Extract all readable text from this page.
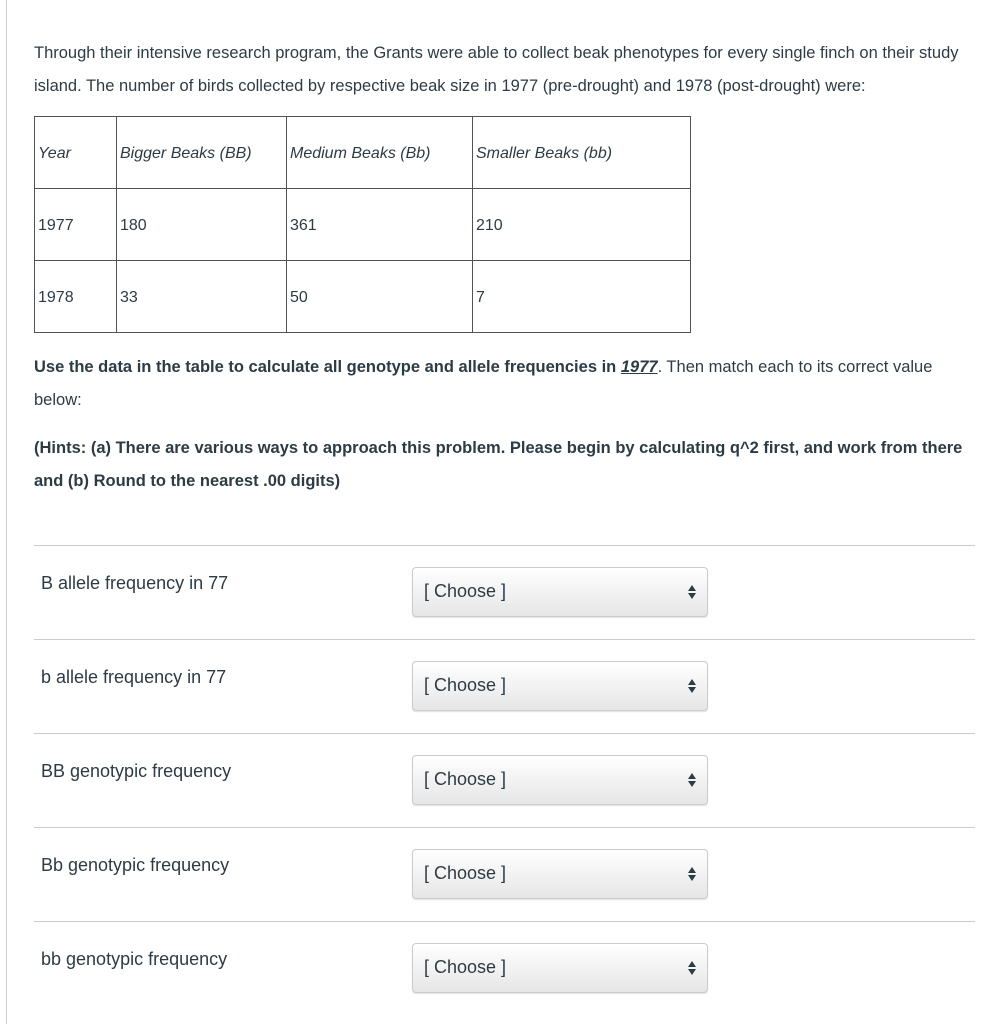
Through their intensive research program, the Grants were able to collect beak phenotypes for every single finch on their study island. The number of birds collected by respective beak size in 1977 (pre-drought) and 1978 (post-drought) were:

Year	Bigger Beaks (BB)	Medium Beaks (Bb)	Smaller Beaks (bb)
1977	180	361	210
1978	33	50	7

Use the data in the table to calculate all genotype and allele frequencies in 1977. Then match each to its correct value below:

(Hints: (a) There are various ways to approach this problem. Please begin by calculating q^2 first, and work from there and (b) Round to the nearest .00 digits)

B allele frequency in 77	[ Choose ]
b allele frequency in 77	[ Choose ]
BB genotypic frequency	[ Choose ]
Bb genotypic frequency	[ Choose ]
bb genotypic frequency	[ Choose ]
